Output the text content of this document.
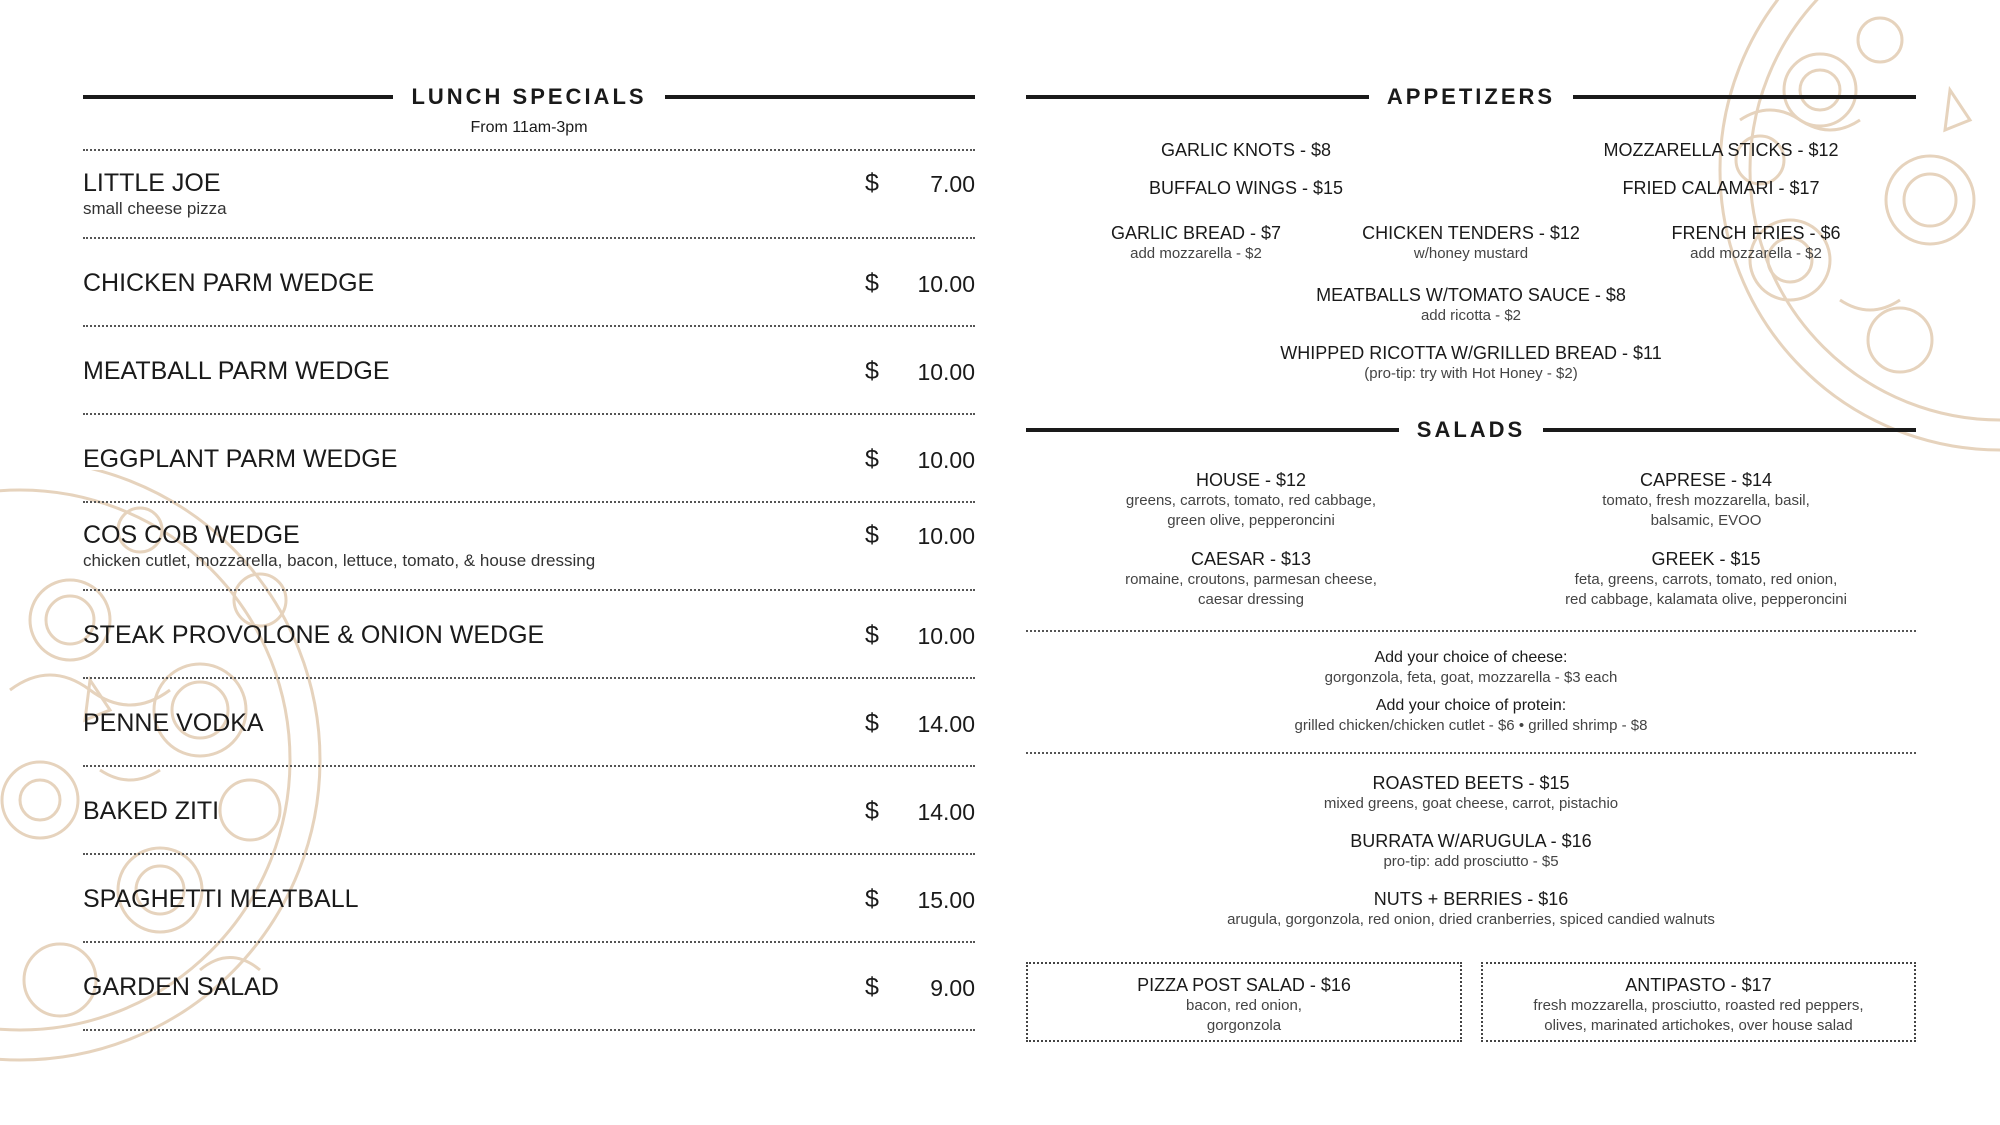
LUNCH SPECIALS
From 11am-3pm
LITTLE JOE
small cheese pizza
$ 7.00
CHICKEN PARM WEDGE	$ 10.00
MEATBALL PARM WEDGE	$ 10.00
EGGPLANT PARM WEDGE	$ 10.00
COS COB WEDGE
chicken cutlet, mozzarella, bacon, lettuce, tomato, & house dressing
$ 10.00
STEAK PROVOLONE & ONION WEDGE	$ 10.00
PENNE VODKA	$ 14.00
BAKED ZITI	$ 14.00
SPAGHETTI MEATBALL	$ 15.00
GARDEN SALAD	$ 9.00
APPETIZERS
GARLIC KNOTS - $8	MOZZARELLA STICKS - $12
BUFFALO WINGS - $15	FRIED CALAMARI - $17
GARLIC BREAD - $7
add mozzarella - $2
CHICKEN TENDERS - $12
w/honey mustard
FRENCH FRIES - $6
add mozzarella - $2
MEATBALLS W/TOMATO SAUCE - $8
add ricotta - $2
WHIPPED RICOTTA W/GRILLED BREAD - $11
(pro-tip: try with Hot Honey - $2)
SALADS
HOUSE - $12
greens, carrots, tomato, red cabbage,
green olive, pepperoncini
CAPRESE - $14
tomato, fresh mozzarella, basil,
balsamic, EVOO
CAESAR - $13
romaine, croutons, parmesan cheese,
caesar dressing
GREEK - $15
feta, greens, carrots, tomato, red onion,
red cabbage, kalamata olive, pepperoncini
Add your choice of cheese:
gorgonzola, feta, goat, mozzarella - $3 each
Add your choice of protein:
grilled chicken/chicken cutlet - $6 • grilled shrimp - $8
ROASTED BEETS - $15
mixed greens, goat cheese, carrot, pistachio
BURRATA W/ARUGULA - $16
pro-tip: add prosciutto - $5
NUTS + BERRIES - $16
arugula, gorgonzola, red onion, dried cranberries, spiced candied walnuts
PIZZA POST SALAD - $16
bacon, red onion,
gorgonzola
ANTIPASTO - $17
fresh mozzarella, prosciutto, roasted red peppers,
olives, marinated artichokes, over house salad
